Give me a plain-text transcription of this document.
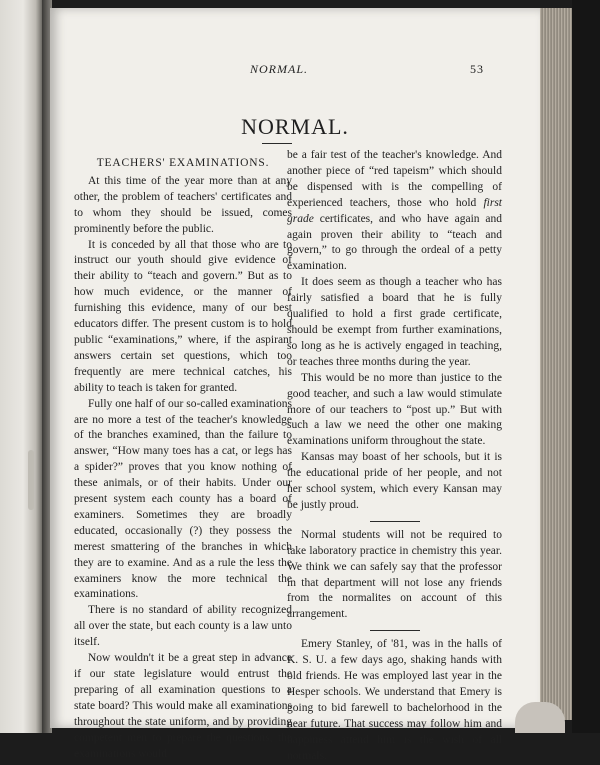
NORMAL.	53
NORMAL.

TEACHERS' EXAMINATIONS.

At this time of the year more than at any other, the problem of teachers' certificates and to whom they should be issued, comes prominently before the public.

It is conceded by all that those who are to instruct our youth should give evidence of their ability to “teach and govern.” But as to how much evidence, or the manner of furnishing this evidence, many of our best educators differ. The present custom is to hold public “examinations,” where, if the aspirant answers certain set questions, which too frequently are mere technical catches, his ability to teach is taken for granted.

Fully one half of our so-called examinations are no more a test of the teacher's knowledge of the branches examined, than the failure to answer, “How many toes has a cat, or legs has a spider?” proves that you know nothing of these animals, or of their habits. Under our present system each county has a board of examiners. Sometimes they are broadly educated, occasionally (?) they possess the merest smattering of the branches in which they are to examine. And as a rule the less the examiners know the more technical the examinations.

There is no standard of ability recognized all over the state, but each county is a law unto itself.

Now wouldn't it be a great step in advance if our state legislature would entrust the preparing of all examination questions to a state board? This would make all examinations throughout the state uniform, and by providing competent men to prepare the questions, the examinations would

be a fair test of the teacher's knowledge. And another piece of “red tapeism” which should be dispensed with is the compelling of experienced teachers, those who hold first grade certificates, and who have again and again proven their ability to “teach and govern,” to go through the ordeal of a petty examination.

It does seem as though a teacher who has fairly satisfied a board that he is fully qualified to hold a first grade certificate, should be exempt from further examinations, so long as he is actively engaged in teaching, or teaches three months during the year.

This would be no more than justice to the good teacher, and such a law would stimulate more of our teachers to “post up.” But with such a law we need the other one making examinations uniform throughout the state.

Kansas may boast of her schools, but it is the educational pride of her people, and not her school system, which every Kansan may be justly proud.

Normal students will not be required to take laboratory practice in chemistry this year. We think we can safely say that the professor in that department will not lose any friends from the normalites on account of this arrangement.

Emery Stanley, of '81, was in the halls of K. S. U. a few days ago, shaking hands with old friends. He was employed last year in the Hesper schools. We understand that Emery is going to bid farewell to bachelorhood in the near future. That success may follow him and happiness attend him is the wish of all normals.
